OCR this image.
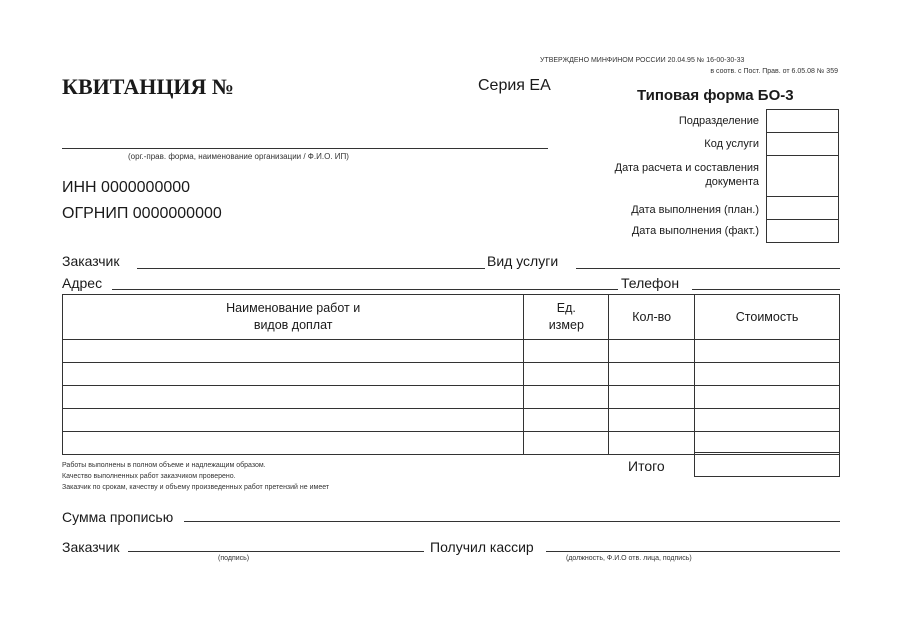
УТВЕРЖДЕНО МИНФИНОМ РОССИИ 20.04.95 № 16-00-30-33
в соотв. с Пост. Прав. от 6.05.08 № 359
КВИТАНЦИЯ №	Серия ЕА
Типовая форма БО-3
(орг.-прав. форма, наименование организации / Ф.И.О. ИП)
ИНН 0000000000
ОГРНИП 0000000000
Подразделение
Код услуги
Дата расчета и составления документа
Дата выполнения (план.)
Дата выполнения (факт.)
Заказчик	Вид услуги
Адрес	Телефон
Наименование работ и видов доплат	Ед. измер	Кол-во	Стоимость

Работы выполнены в полном объеме и надлежащим образом.
Качество выполненных работ заказчиком проверено.
Заказчик по срокам, качеству и объему произведенных работ претензий не имеет
Итого
Сумма прописью
Заказчик
(подпись)
Получил кассир
(должность, Ф.И.О отв. лица, подпись)
